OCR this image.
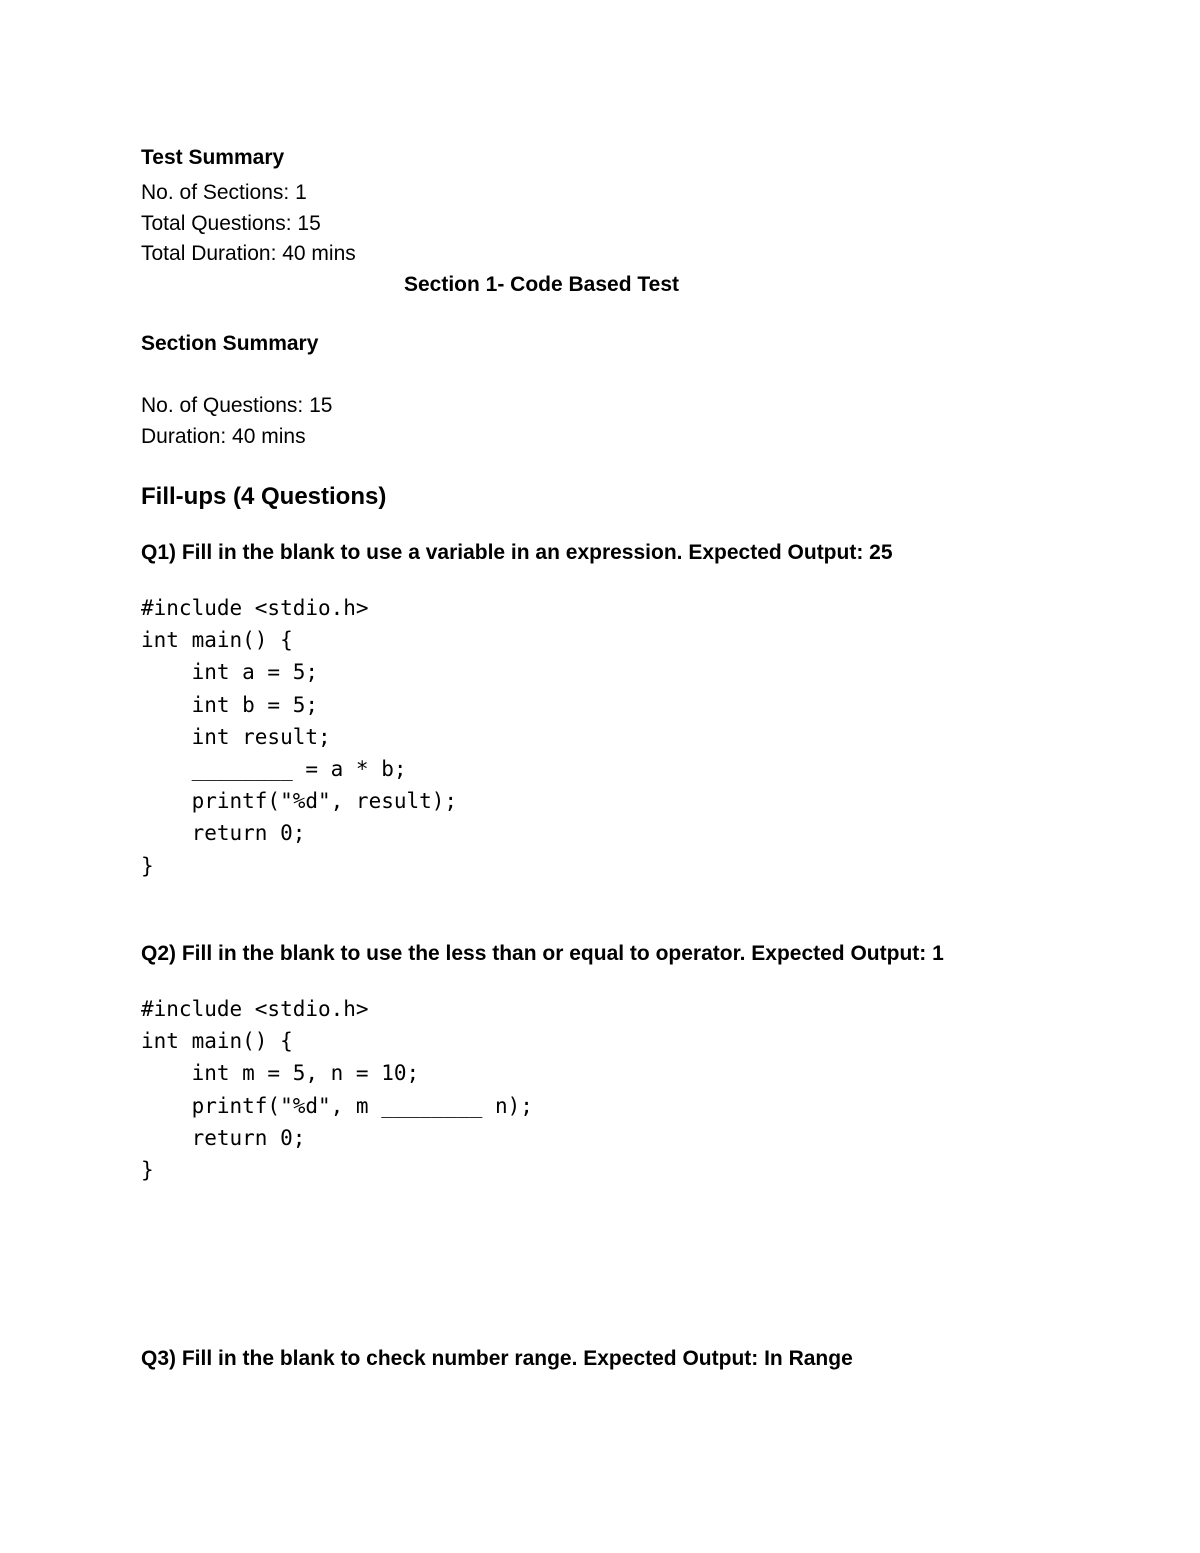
Test Summary
No. of Sections: 1
Total Questions: 15
Total Duration: 40 mins
Section 1- Code Based Test
Section Summary
No. of Questions: 15
Duration: 40 mins
Fill-ups (4 Questions)
Q1) Fill in the blank to use a variable in an expression. Expected Output: 25
#include <stdio.h>
int main() {
int a = 5;
int b = 5;
int result;
________ = a * b;
printf("%d", result);
return 0;
}
Q2) Fill in the blank to use the less than or equal to operator. Expected Output: 1
#include <stdio.h>
int main() {
int m = 5, n = 10;
printf("%d", m ________ n);
return 0;
}
Q3) Fill in the blank to check number range. Expected Output: In Range
